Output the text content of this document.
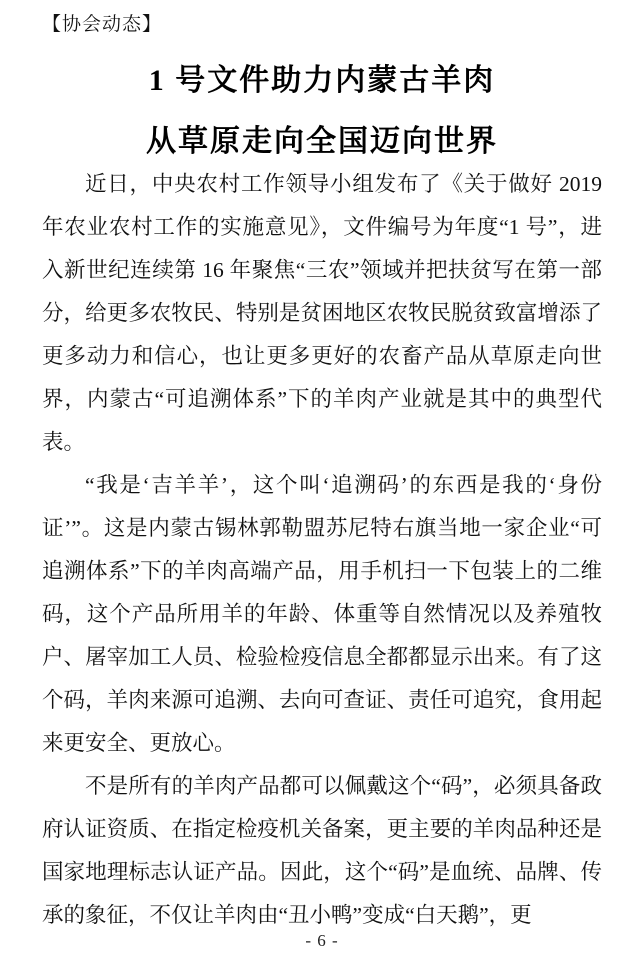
【协会动态】
1 号文件助力内蒙古羊肉
从草原走向全国迈向世界

近日，中央农村工作领导小组发布了《关于做好 2019 年农业农村工作的实施意见》，文件编号为年度“1 号”，进入新世纪连续第 16 年聚焦“三农”领域并把扶贫写在第一部分，给更多农牧民、特别是贫困地区农牧民脱贫致富增添了更多动力和信心，也让更多更好的农畜产品从草原走向世界，内蒙古“可追溯体系”下的羊肉产业就是其中的典型代表。

“我是‘吉羊羊’，这个叫‘追溯码’的东西是我的‘身份证’”。这是内蒙古锡林郭勒盟苏尼特右旗当地一家企业“可追溯体系”下的羊肉高端产品，用手机扫一下包装上的二维码，这个产品所用羊的年龄、体重等自然情况以及养殖牧户、屠宰加工人员、检验检疫信息全都都显示出来。有了这个码，羊肉来源可追溯、去向可查证、责任可追究，食用起来更安全、更放心。

不是所有的羊肉产品都可以佩戴这个“码”，必须具备政府认证资质、在指定检疫机关备案，更主要的羊肉品种还是国家地理标志认证产品。因此，这个“码”是血统、品牌、传承的象征，不仅让羊肉由“丑小鸭”变成“白天鹅”，更

- 6 -
